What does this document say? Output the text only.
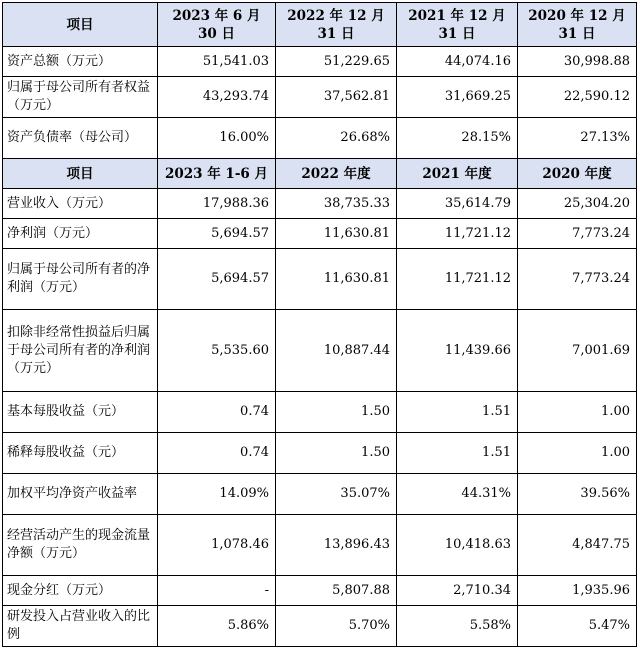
项目	2023 年 6 月 30 日	2022 年 12 月 31 日	2021 年 12 月 31 日	2020 年 12 月 31 日
资产总额（万元）	51,541.03	51,229.65	44,074.16	30,998.88
归属于母公司所有者权益（万元）	43,293.74	37,562.81	31,669.25	22,590.12
资产负债率（母公司）	16.00%	26.68%	28.15%	27.13%
项目	2023 年 1-6 月	2022 年度	2021 年度	2020 年度
营业收入（万元）	17,988.36	38,735.33	35,614.79	25,304.20
净利润（万元）	5,694.57	11,630.81	11,721.12	7,773.24
归属于母公司所有者的净利润（万元）	5,694.57	11,630.81	11,721.12	7,773.24
扣除非经常性损益后归属于母公司所有者的净利润（万元）	5,535.60	10,887.44	11,439.66	7,001.69
基本每股收益（元）	0.74	1.50	1.51	1.00
稀释每股收益（元）	0.74	1.50	1.51	1.00
加权平均净资产收益率	14.09%	35.07%	44.31%	39.56%
经营活动产生的现金流量净额（万元）	1,078.46	13,896.43	10,418.63	4,847.75
现金分红（万元）	-	5,807.88	2,710.34	1,935.96
研发投入占营业收入的比例	5.86%	5.70%	5.58%	5.47%
